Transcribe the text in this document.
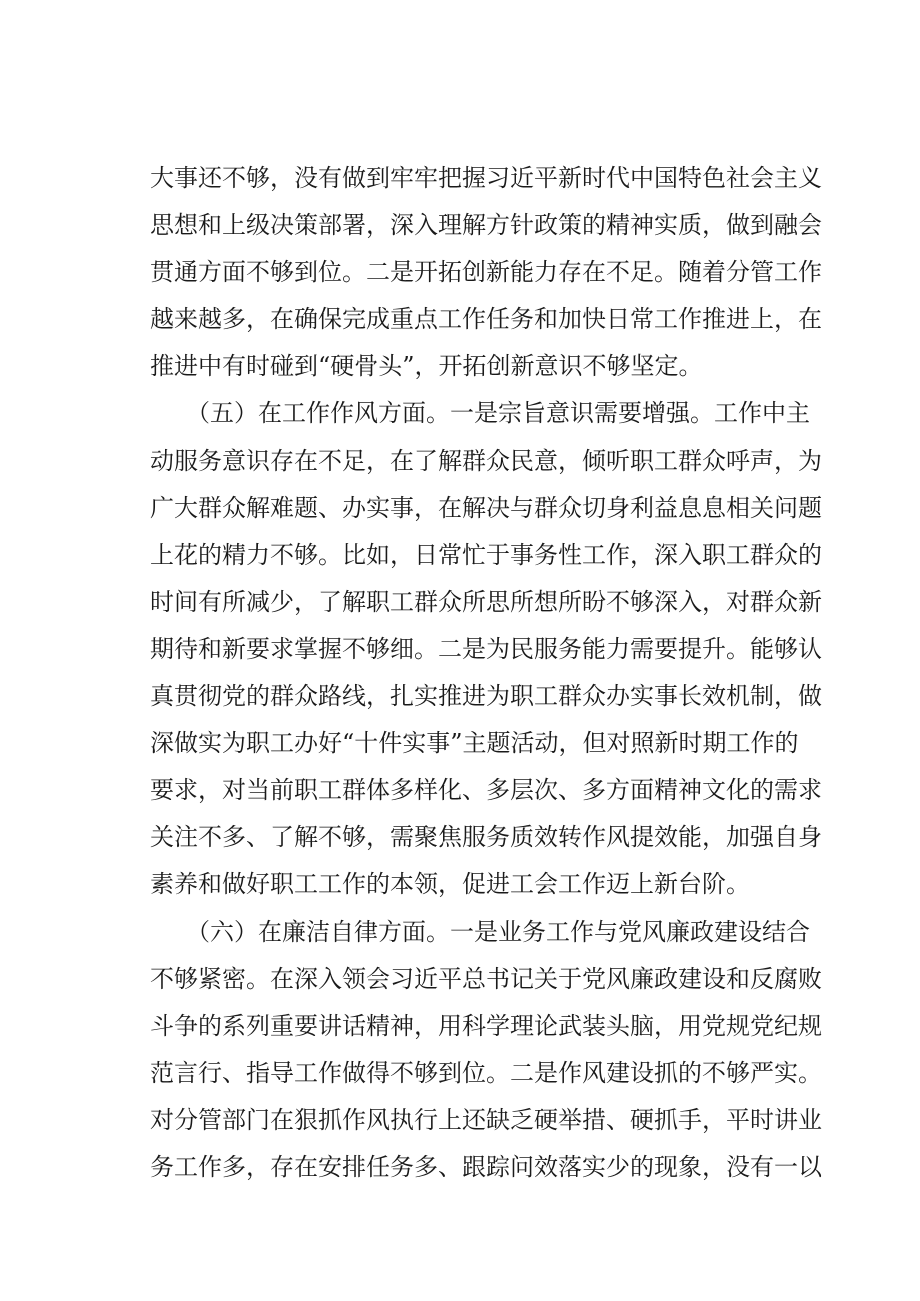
大事还不够，没有做到牢牢把握习近平新时代中国特色社会主义
思想和上级决策部署，深入理解方针政策的精神实质，做到融会
贯通方面不够到位。二是开拓创新能力存在不足。随着分管工作
越来越多，在确保完成重点工作任务和加快日常工作推进上，在
推进中有时碰到“硬骨头”，开拓创新意识不够坚定。
　　（五）在工作作风方面。一是宗旨意识需要增强。工作中主
动服务意识存在不足，在了解群众民意，倾听职工群众呼声，为
广大群众解难题、办实事，在解决与群众切身利益息息相关问题
上花的精力不够。比如，日常忙于事务性工作，深入职工群众的
时间有所减少，了解职工群众所思所想所盼不够深入，对群众新
期待和新要求掌握不够细。二是为民服务能力需要提升。能够认
真贯彻党的群众路线，扎实推进为职工群众办实事长效机制，做
深做实为职工办好“十件实事”主题活动，但对照新时期工作的
要求，对当前职工群体多样化、多层次、多方面精神文化的需求
关注不多、了解不够，需聚焦服务质效转作风提效能，加强自身
素养和做好职工工作的本领，促进工会工作迈上新台阶。
　　（六）在廉洁自律方面。一是业务工作与党风廉政建设结合
不够紧密。在深入领会习近平总书记关于党风廉政建设和反腐败
斗争的系列重要讲话精神，用科学理论武装头脑，用党规党纪规
范言行、指导工作做得不够到位。二是作风建设抓的不够严实。
对分管部门在狠抓作风执行上还缺乏硬举措、硬抓手，平时讲业
务工作多，存在安排任务多、跟踪问效落实少的现象，没有一以
